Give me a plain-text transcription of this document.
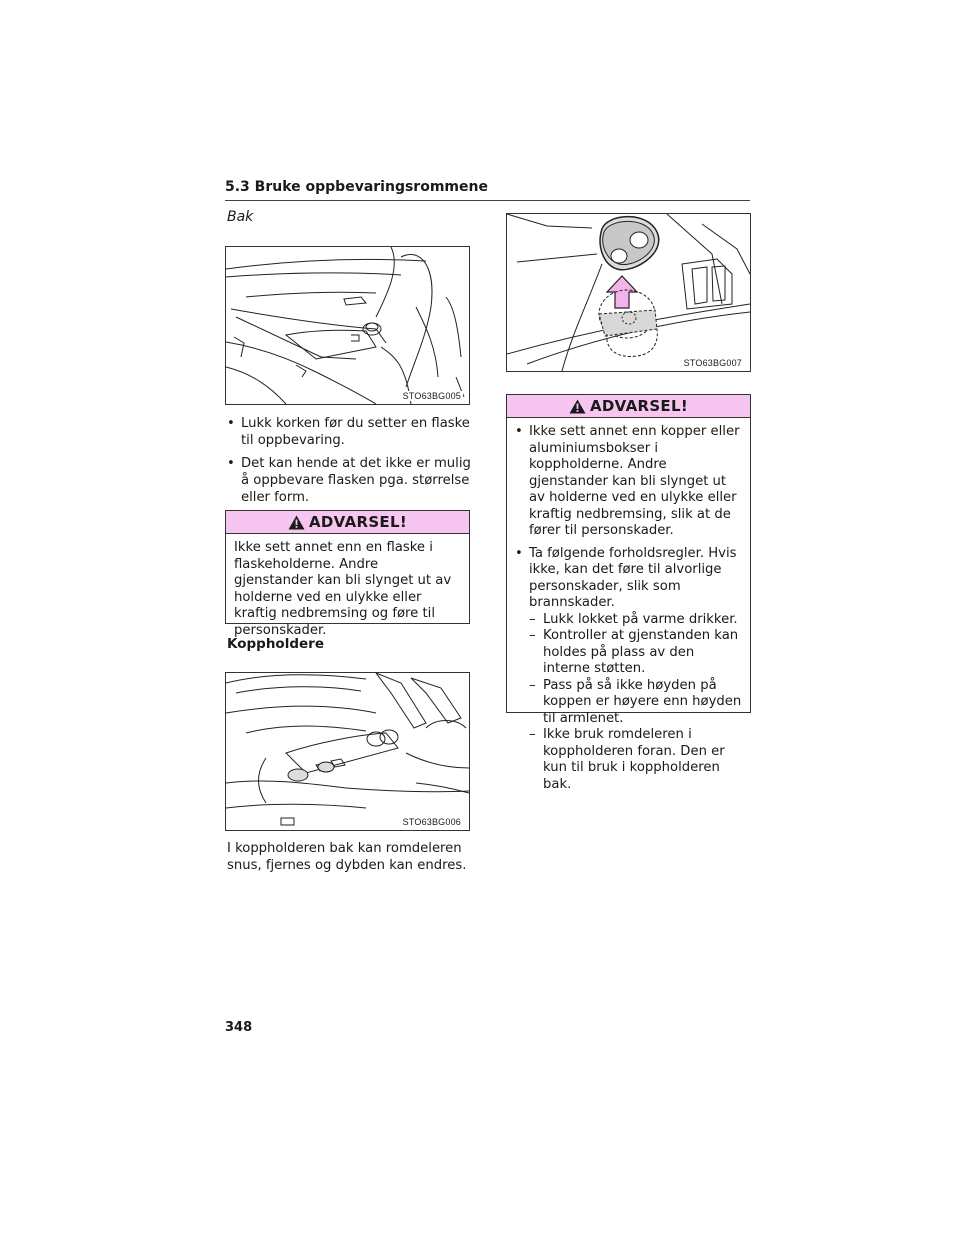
5.3 Bruke oppbevaringsrommene
Bak
STO63BG005
• Lukk korken før du setter en flaske til oppbevaring.
• Det kan hende at det ikke er mulig å oppbevare flasken pga. størrelse eller form.
ADVARSEL!
Ikke sett annet enn en flaske i flaskeholderne. Andre gjenstander kan bli slynget ut av holderne ved en ulykke eller kraftig nedbremsing og føre til personskader.
Koppholdere
STO63BG006
I koppholderen bak kan romdeleren snus, fjernes og dybden kan endres.
STO63BG007
ADVARSEL!
• Ikke sett annet enn kopper eller aluminiumsbokser i koppholderne. Andre gjenstander kan bli slynget ut av holderne ved en ulykke eller kraftig nedbremsing, slik at de fører til personskader.
• Ta følgende forholdsregler. Hvis ikke, kan det føre til alvorlige personskader, slik som brannskader.
– Lukk lokket på varme drikker.
– Kontroller at gjenstanden kan holdes på plass av den interne støtten.
– Pass på så ikke høyden på koppen er høyere enn høyden til armlenet.
– Ikke bruk romdeleren i koppholderen foran. Den er kun til bruk i koppholderen bak.
348
